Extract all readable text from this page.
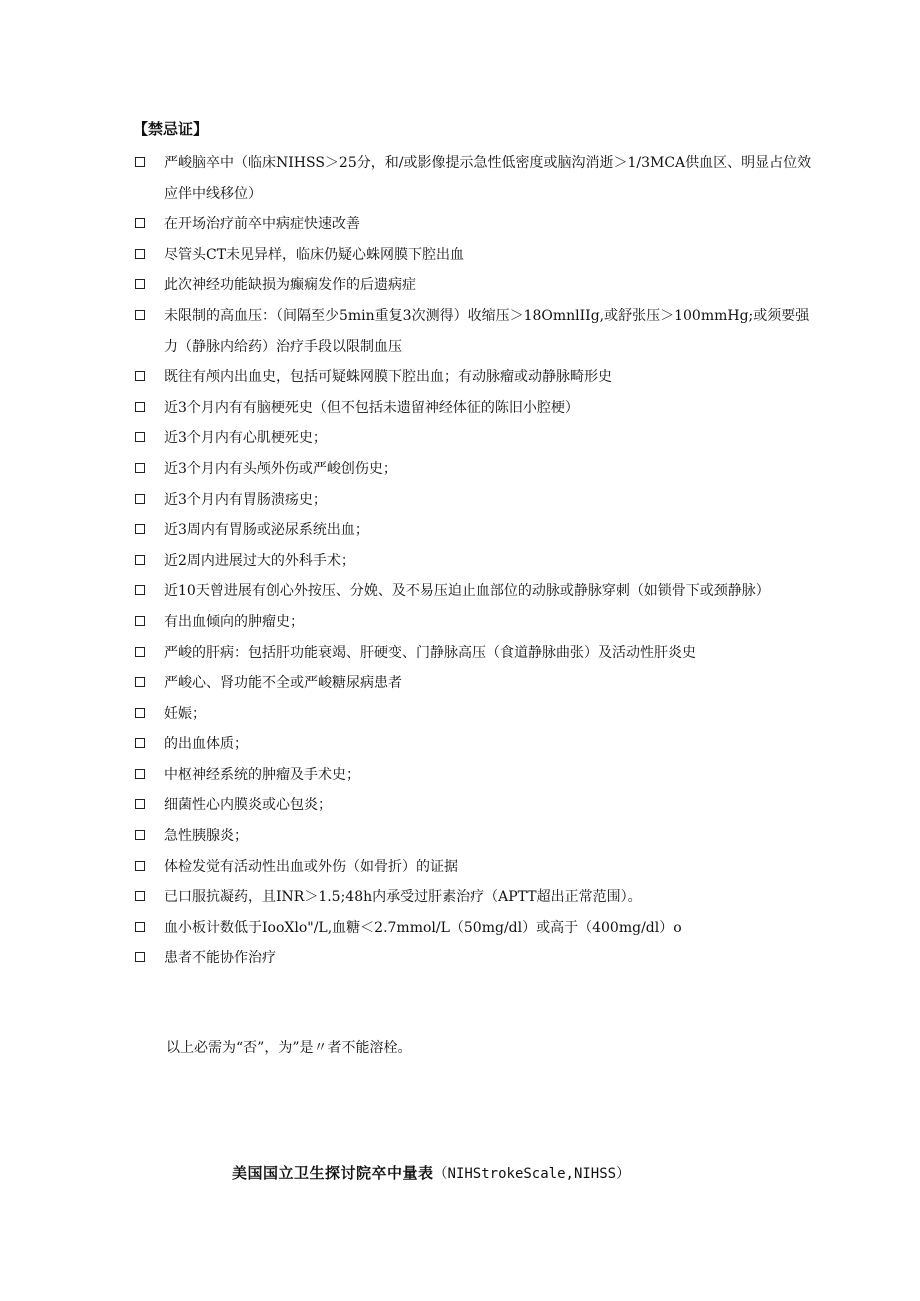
【禁忌证】
严峻脑卒中（临床NIHSS＞25分，和/或影像提示急性低密度或脑沟消逝＞1/3MCA供血区、明显占位效应伴中线移位）
在开场治疗前卒中病症快速改善
尽管头CT未见异样，临床仍疑心蛛网膜下腔出血
此次神经功能缺损为癫痫发作的后遗病症
未限制的高血压：（间隔至少5min重复3次测得）收缩压＞18OmnlIIg,或舒张压＞100mmHg;或须要强力（静脉内给药）治疗手段以限制血压
既往有颅内出血史，包括可疑蛛网膜下腔出血；有动脉瘤或动静脉畸形史
近3个月内有有脑梗死史（但不包括未遗留神经体征的陈旧小腔梗）
近3个月内有心肌梗死史；
近3个月内有头颅外伤或严峻创伤史；
近3个月内有胃肠溃疡史；
近3周内有胃肠或泌尿系统出血；
近2周内进展过大的外科手术；
近10天曾进展有创心外按压、分娩、及不易压迫止血部位的动脉或静脉穿刺（如锁骨下或颈静脉）
有出血倾向的肿瘤史；
严峻的肝病：包括肝功能衰竭、肝硬变、门静脉高压（食道静脉曲张）及活动性肝炎史
严峻心、肾功能不全或严峻糖尿病患者
妊娠；
的出血体质；
中枢神经系统的肿瘤及手术史；
细菌性心内膜炎或心包炎；
急性胰腺炎；
体检发觉有活动性出血或外伤（如骨折）的证据
已口服抗凝药，且INR＞1.5;48h内承受过肝素治疗（APTT超出正常范围）。
血小板计数低于IooXlo"/L,血糖＜2.7mmol/L（50mg/dl）或高于（400mg/dl）o
患者不能协作治疗
以上必需为“否”，为”是〃者不能溶栓。
美国国立卫生探讨院卒中量表（NIHStrokeScale,NIHSS）
